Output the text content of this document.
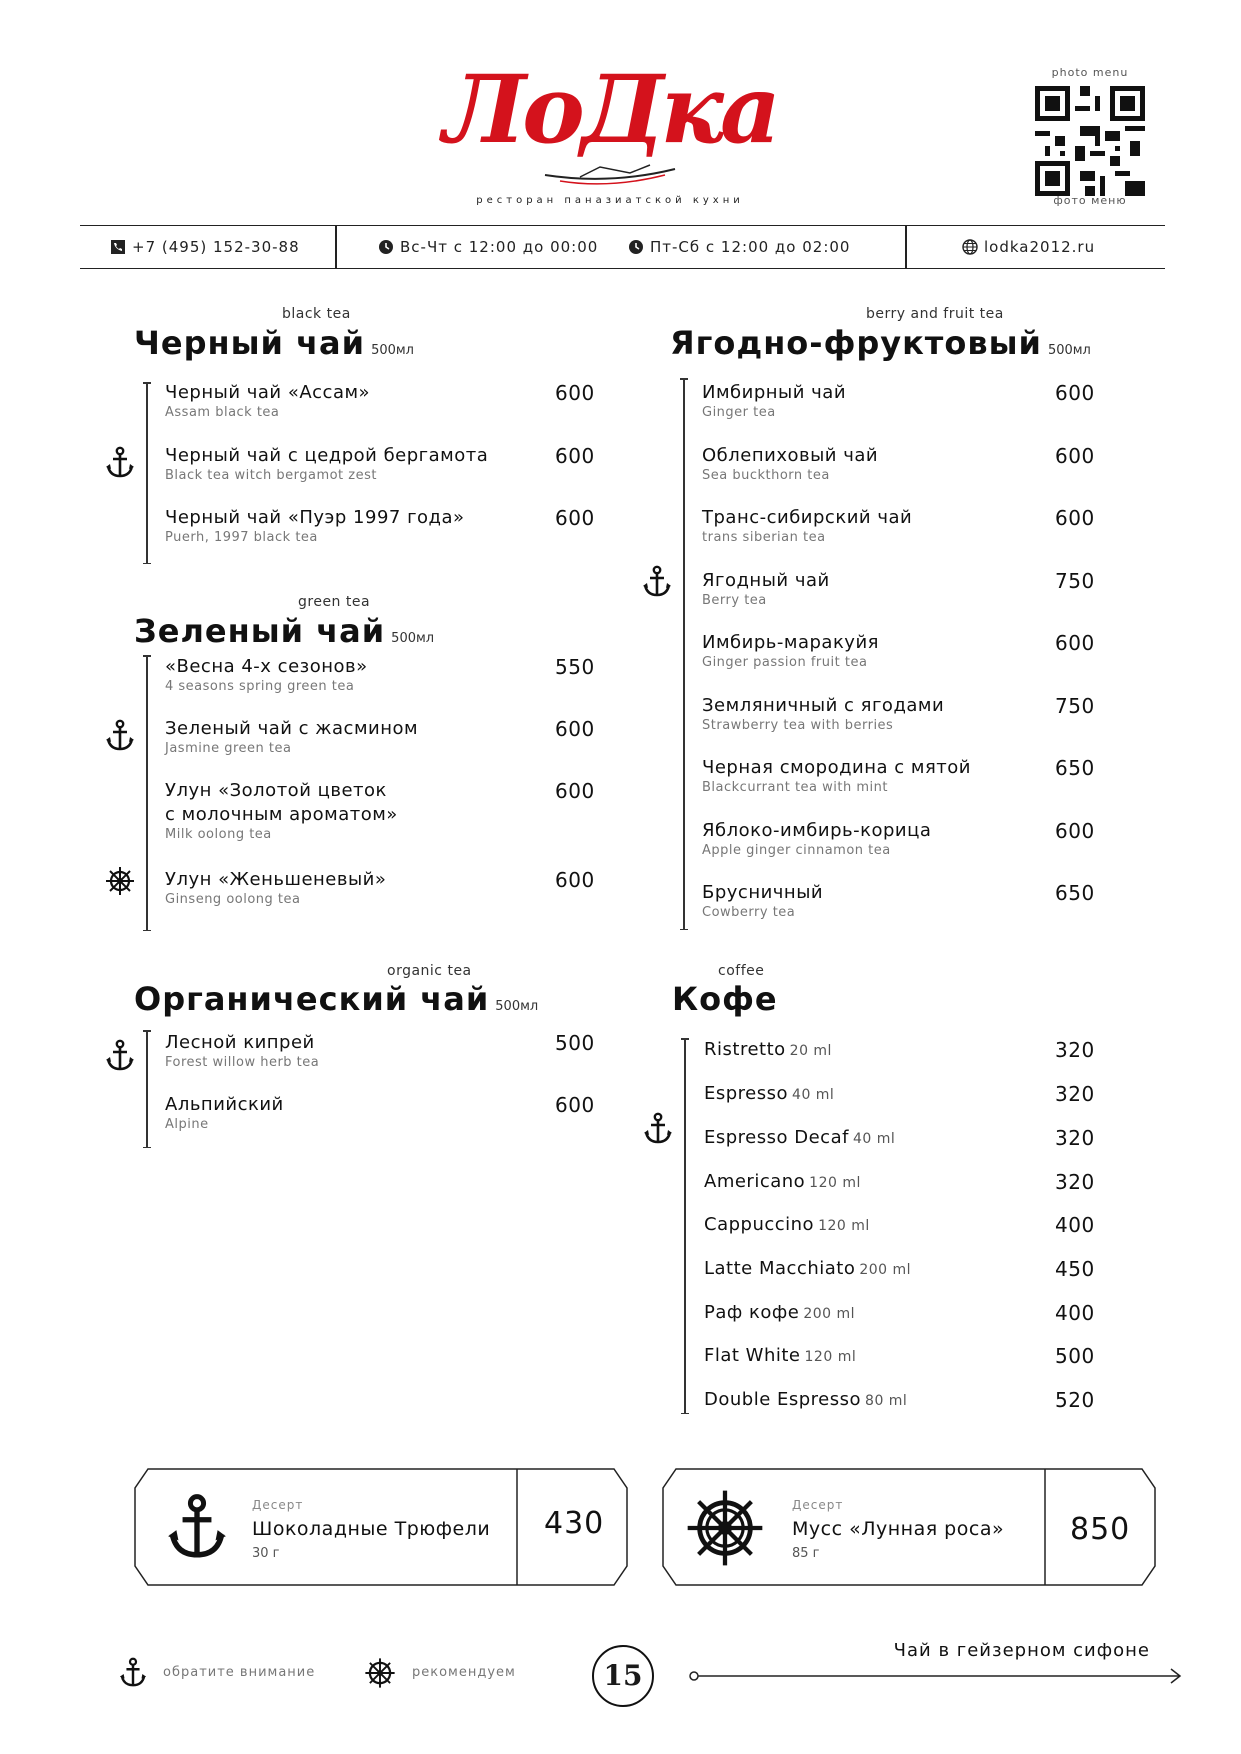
ЛоДка
ресторан паназиатской кухни
photo menu
фото меню
+7 (495) 152-30-88	Вс-Чт с 12:00 до 00:00	Пт-Сб с 12:00 до 02:00	lodka2012.ru
black tea
Черный чай 500мл
Черный чай «Ассам»
Assam black tea
600
Черный чай с цедрой бергамота
Black tea witch bergamot zest
600
Черный чай «Пуэр 1997 года»
Puerh, 1997 black tea
600
green tea
Зеленый чай 500мл
«Весна 4-х сезонов»
4 seasons spring green tea
550
Зеленый чай с жасмином
Jasmine green tea
600
Улун «Золотой цветок
с молочным ароматом»
Milk oolong tea
600
Улун «Женьшеневый»
Ginseng oolong tea
600
organic tea
Органический чай 500мл
Лесной кипрей
Forest willow herb tea
500
Альпийский
Alpine
600
berry and fruit tea
Ягодно-фруктовый 500мл
Имбирный чай
Ginger tea
600
Облепиховый чай
Sea buckthorn tea
600
Транс-сибирский чай
trans siberian tea
600
Ягодный чай
Berry tea
750
Имбирь-маракуйя
Ginger passion fruit tea
600
Земляничный с ягодами
Strawberry tea with berries
750
Черная смородина с мятой
Blackcurrant tea with mint
650
Яблоко-имбирь-корица
Apple ginger cinnamon tea
600
Брусничный
Cowberry tea
650
coffee
Кофе
Ristretto 20 ml	320
Espresso 40 ml	320
Espresso Decaf 40 ml	320
Americano 120 ml	320
Cappuccino 120 ml	400
Latte Macchiato 200 ml	450
Раф кофе 200 ml	400
Flat White 120 ml	500
Double Espresso 80 ml	520
Десерт
Шоколадные Трюфели
30 г
430
Десерт
Мусс «Лунная роса»
85 г
850
обратите внимание	рекомендуем	15
Чай в гейзерном сифоне
